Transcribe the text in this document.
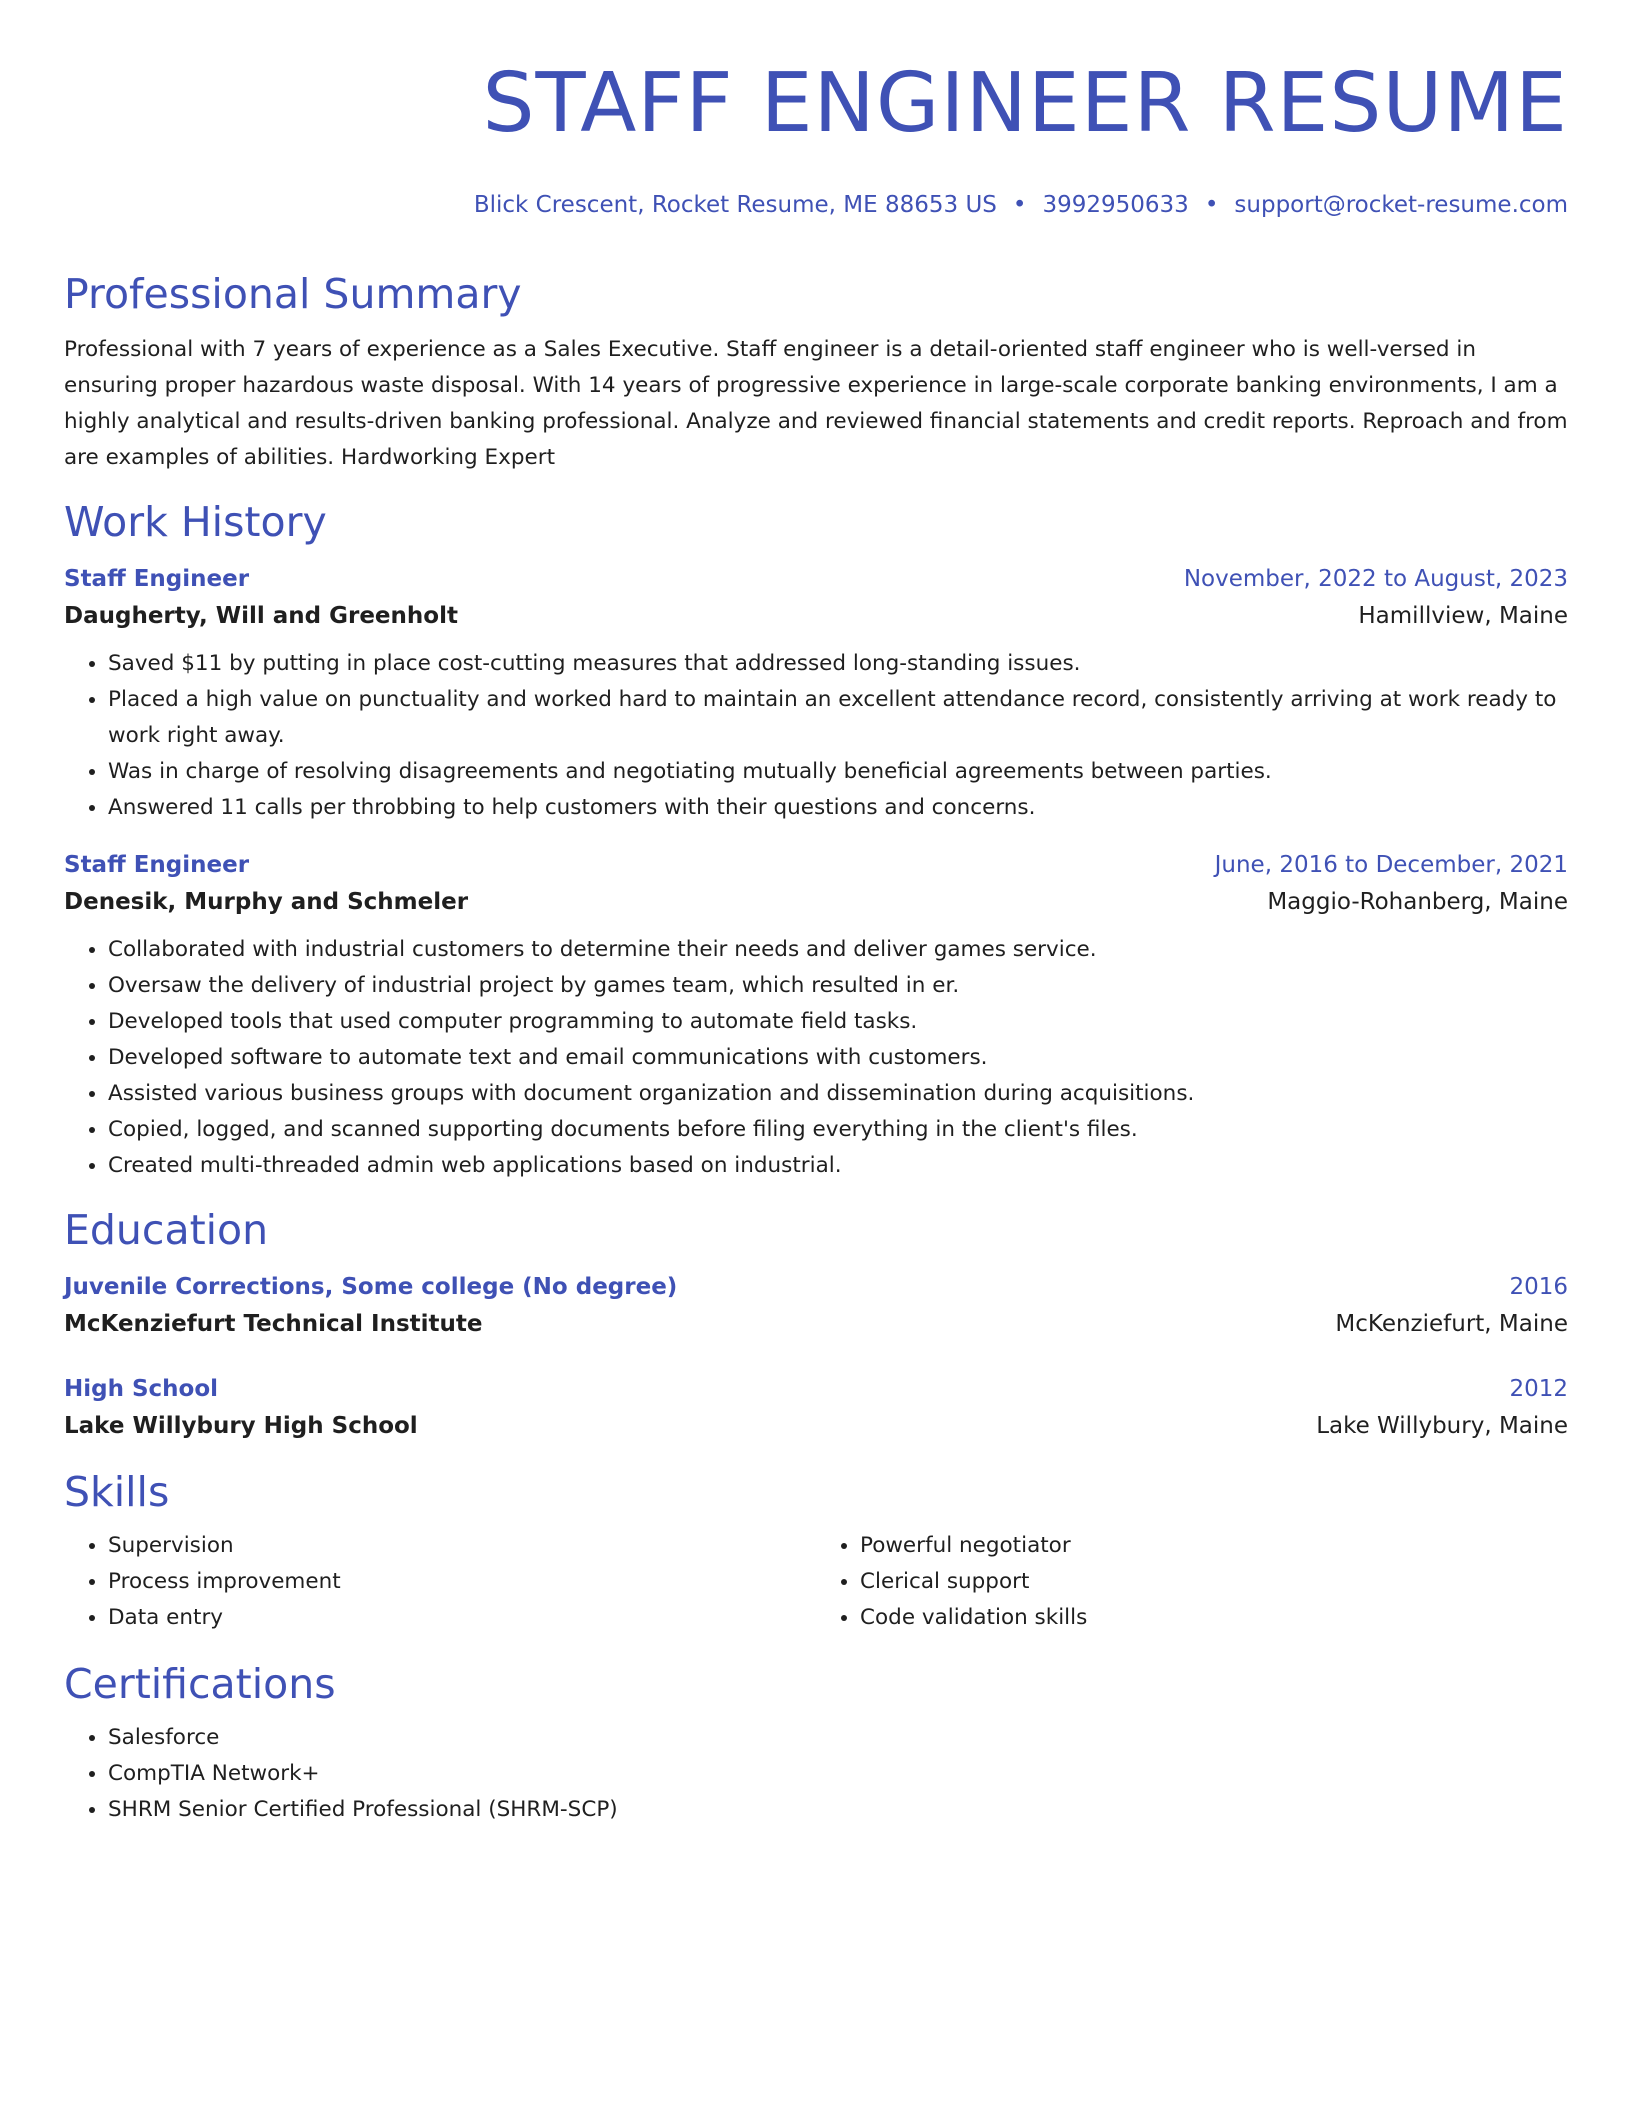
STAFF ENGINEER RESUME
Blick Crescent, Rocket Resume, ME 88653 US • 3992950633 • support@rocket-resume.com
Professional Summary

Professional with 7 years of experience as a Sales Executive. Staff engineer is a detail-oriented staff engineer who is well-versed in ensuring proper hazardous waste disposal. With 14 years of progressive experience in large-scale corporate banking environments, I am a highly analytical and results-driven banking professional. Analyze and reviewed financial statements and credit reports. Reproach and from are examples of abilities. Hardworking Expert

Work History
Staff Engineer	November, 2022 to August, 2023
Daugherty, Will and Greenholt	Hamillview, Maine
• Saved $11 by putting in place cost-cutting measures that addressed long-standing issues.
• Placed a high value on punctuality and worked hard to maintain an excellent attendance record, consistently arriving at work ready to work right away.
• Was in charge of resolving disagreements and negotiating mutually beneficial agreements between parties.
• Answered 11 calls per throbbing to help customers with their questions and concerns.
Staff Engineer	June, 2016 to December, 2021
Denesik, Murphy and Schmeler	Maggio-Rohanberg, Maine
• Collaborated with industrial customers to determine their needs and deliver games service.
• Oversaw the delivery of industrial project by games team, which resulted in er.
• Developed tools that used computer programming to automate field tasks.
• Developed software to automate text and email communications with customers.
• Assisted various business groups with document organization and dissemination during acquisitions.
• Copied, logged, and scanned supporting documents before filing everything in the client's files.
• Created multi-threaded admin web applications based on industrial.
Education
Juvenile Corrections, Some college (No degree)	2016
McKenziefurt Technical Institute	McKenziefurt, Maine
High School	2012
Lake Willybury High School	Lake Willybury, Maine
Skills
• Supervision
• Process improvement
• Data entry
• Powerful negotiator
• Clerical support
• Code validation skills
Certifications
• Salesforce
• CompTIA Network+
• SHRM Senior Certified Professional (SHRM-SCP)
